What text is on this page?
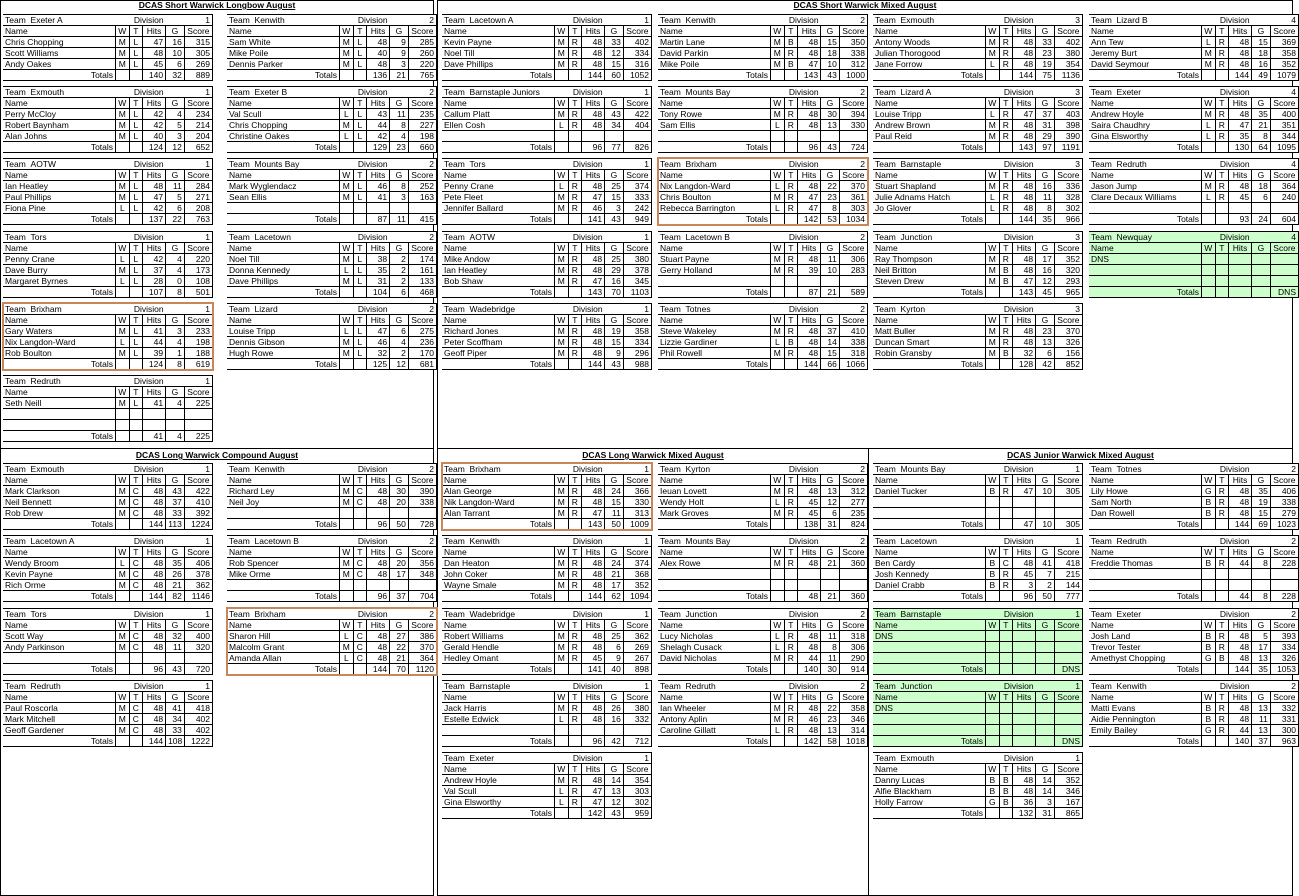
DCAS Short Warwick Longbow August	DCAS Short Warwick Mixed August
DCAS Long Warwick Compound August	DCAS Long Warwick Mixed August	DCAS Junior Warwick Mixed August
Team Exeter A	Division			1	
Name	W	T	Hits	G	Score
Chris Chopping	M	L	47	16	315
Scott Williams	M	L	48	10	305
Andy Oakes	M	L	45	6	269
Totals			140	32	889
Team Kenwith	Division			2	
Name	W	T	Hits	G	Score
Sam White	M	L	48	9	285
Mike Poile	M	L	40	9	260
Dennis Parker	M	L	48	3	220
Totals			136	21	765
Team Exmouth	Division			1	
Name	W	T	Hits	G	Score
Perry McCloy	M	L	42	4	234
Robert Baynham	M	L	42	5	214
Alan Johns	M	L	40	3	204
Totals			124	12	652
Team Exeter B	Division			2	
Name	W	T	Hits	G	Score
Val Scull	L	L	43	11	235
Chris Chopping	M	L	44	8	227
Christine Oakes	L	L	42	4	198
Totals			129	23	660
Team AOTW	Division			1	
Name	W	T	Hits	G	Score
Ian Heatley	M	L	48	11	284
Paul Phillips	M	L	47	5	271
Fiona Pine	L	L	42	6	208
Totals			137	22	763
Team Mounts Bay	Division			2	
Name	W	T	Hits	G	Score
Mark Wyglendacz	M	L	46	8	252
Sean Ellis	M	L	41	3	163

Totals			87	11	415
Team Tors	Division			1	
Name	W	T	Hits	G	Score
Penny Crane	L	L	42	4	220
Dave Burry	M	L	37	4	173
Margaret Byrnes	L	L	28	0	108
Totals			107	8	501
Team Lacetown	Division			2	
Name	W	T	Hits	G	Score
Noel Till	M	L	38	2	174
Donna Kennedy	L	L	35	2	161
Dave Phillips	M	L	31	2	133
Totals			104	6	468
Team Brixham	Division			1	
Name	W	T	Hits	G	Score
Gary Waters	M	L	41	3	233
Nix Langdon-Ward	L	L	44	4	198
Rob Boulton	M	L	39	1	188
Totals			124	8	619
Team Lizard	Division			2	
Name	W	T	Hits	G	Score
Louise Tripp	L	L	47	6	275
Dennis Gibson	M	L	46	4	236
Hugh Rowe	M	L	32	2	170
Totals			125	12	681
Team Redruth	Division			1	
Name	W	T	Hits	G	Score
Seth Neill	M	L	41	4	225

Totals			41	4	225
Team Lacetown A	Division			1	
Name	W	T	Hits	G	Score
Kevin Payne	M	R	48	33	402
Noel Till	M	R	48	12	334
Dave Phillips	M	R	48	15	316
Totals			144	60	1052
Team Kenwith	Division			2	
Name	W	T	Hits	G	Score
Martin Lane	M	B	48	15	350
David Parkin	M	R	48	18	338
Mike Poile	M	B	47	10	312
Totals			143	43	1000
Team Exmouth	Division			3	
Name	W	T	Hits	G	Score
Antony Woods	M	R	48	33	402
Julian Thorogood	M	R	48	23	380
Jane Forrow	L	R	48	19	354
Totals			144	75	1136
Team Lizard B	Division			4	
Name	W	T	Hits	G	Score
Ann Tew	L	R	48	15	369
Jeremy Burt	M	R	48	18	358
David Seymour	M	R	48	16	352
Totals			144	49	1079
Team Barnstaple Juniors	Division			1	
Name	W	T	Hits	G	Score
Callum Platt	M	R	48	43	422
Ellen Cosh	L	R	48	34	404

Totals			96	77	826
Team Mounts Bay	Division			2	
Name	W	T	Hits	G	Score
Tony Rowe	M	R	48	30	394
Sam Ellis	L	R	48	13	330

Totals			96	43	724
Team Lizard A	Division			3	
Name	W	T	Hits	G	Score
Louise Tripp	L	R	47	37	403
Andrew Brown	M	R	48	31	398
Paul Reid	M	R	48	29	390
Totals			143	97	1191
Team Exeter	Division			4	
Name	W	T	Hits	G	Score
Andrew Hoyle	M	R	48	35	400
Saira Chaudhry	L	R	47	21	351
Gina Elsworthy	L	R	35	8	344
Totals			130	64	1095
Team Tors	Division			1	
Name	W	T	Hits	G	Score
Penny Crane	L	R	48	25	374
Pete Fleet	M	R	47	15	333
Jennifer Ballard	M	R	46	3	242
Totals			141	43	949
Team Brixham	Division			2	
Name	W	T	Hits	G	Score
Nix Langdon-Ward	L	R	48	22	370
Chris Boulton	M	R	47	23	361
Rebecca Barrington	L	R	47	8	303
Totals			142	53	1034
Team Barnstaple	Division			3	
Name	W	T	Hits	G	Score
Stuart Shapland	M	R	48	16	336
Julie Adnams Hatch	L	R	48	11	328
Jo Glover	L	R	48	8	302
Totals			144	35	966
Team Redruth	Division			4	
Name	W	T	Hits	G	Score
Jason Jump	M	R	48	18	364
Clare Decaux Williams	L	R	45	6	240

Totals			93	24	604
Team AOTW	Division			1	
Name	W	T	Hits	G	Score
Mike Andow	M	R	48	25	380
Ian Heatley	M	R	48	29	378
Bob Shaw	M	R	47	16	345
Totals			143	70	1103
Team Lacetown B	Division			2	
Name	W	T	Hits	G	Score
Stuart Payne	M	R	48	11	306
Gerry Holland	M	R	39	10	283

Totals			87	21	589
Team Junction	Division			3	
Name	W	T	Hits	G	Score
Ray Thompson	M	R	48	17	352
Neil Britton	M	B	48	16	320
Steven Drew	M	B	47	12	293
Totals			143	45	965
Team Newquay	Division			4	
Name	W	T	Hits	G	Score
DNS					

Totals					DNS
Team Wadebridge	Division			1	
Name	W	T	Hits	G	Score
Richard Jones	M	R	48	19	358
Peter Scoffham	M	R	48	15	334
Geoff Piper	M	R	48	9	296
Totals			144	43	988
Team Totnes	Division			2	
Name	W	T	Hits	G	Score
Steve Wakeley	M	R	48	37	410
Lizzie Gardiner	L	B	48	14	338
Phil Rowell	M	R	48	15	318
Totals			144	66	1066
Team Kyrton	Division			3	
Name	W	T	Hits	G	Score
Matt Buller	M	R	48	23	370
Duncan Smart	M	R	48	13	326
Robin Gransby	M	B	32	6	156
Totals			128	42	852
Team Exmouth	Division			1	
Name	W	T	Hits	G	Score
Mark Clarkson	M	C	48	43	422
Neil Bennett	M	C	48	37	410
Rob Drew	M	C	48	33	392
Totals			144	113	1224
Team Kenwith	Division			2	
Name	W	T	Hits	G	Score
Richard Ley	M	C	48	30	390
Neil Joy	M	C	48	20	338

Totals			96	50	728
Team Lacetown A	Division			1	
Name	W	T	Hits	G	Score
Wendy Broom	L	C	48	35	406
Kevin Payne	M	C	48	26	378
Rich Orme	M	C	48	21	362
Totals			144	82	1146
Team Lacetown B	Division			2	
Name	W	T	Hits	G	Score
Rob Spencer	M	C	48	20	356
Mike Orme	M	C	48	17	348

Totals			96	37	704
Team Tors	Division			1	
Name	W	T	Hits	G	Score
Scott Way	M	C	48	32	400
Andy Parkinson	M	C	48	11	320

Totals			96	43	720
Team Brixham	Division			2	
Name	W	T	Hits	G	Score
Sharon Hill	L	C	48	27	386
Malcolm Grant	M	C	48	22	370
Amanda Allan	L	C	48	21	364
Totals			144	70	1120
Team Redruth	Division			1	
Name	W	T	Hits	G	Score
Paul Roscorla	M	C	48	41	418
Mark Mitchell	M	C	48	34	402
Geoff Gardener	M	C	48	33	402
Totals			144	108	1222
Team Brixham	Division			1	
Name	W	T	Hits	G	Score
Alan George	M	R	48	24	366
Nik Langdon-Ward	M	R	48	15	330
Alan Tarrant	M	R	47	11	313
Totals			143	50	1009
Team Kyrton	Division			2	
Name	W	T	Hits	G	Score
Ieuan Lovett	M	R	48	13	312
Wendy Holt	L	R	45	12	277
Mark Groves	M	R	45	6	235
Totals			138	31	824
Team Kenwith	Division			1	
Name	W	T	Hits	G	Score
Dan Heaton	M	R	48	24	374
John Coker	M	R	48	21	368
Wayne Smale	M	R	48	17	352
Totals			144	62	1094
Team Mounts Bay	Division			2	
Name	W	T	Hits	G	Score
Alex Rowe	M	R	48	21	360

Totals			48	21	360
Team Wadebridge	Division			1	
Name	W	T	Hits	G	Score
Robert Williams	M	R	48	25	362
Gerald Hendle	M	R	48	6	269
Hedley Omant	M	R	45	9	267
Totals			141	40	898
Team Junction	Division			2	
Name	W	T	Hits	G	Score
Lucy Nicholas	L	R	48	11	318
Shelagh Cusack	L	R	48	8	306
David Nicholas	M	R	44	11	290
Totals			140	30	914
Team Barnstaple	Division			1	
Name	W	T	Hits	G	Score
Jack Harris	M	R	48	26	380
Estelle Edwick	L	R	48	16	332

Totals			96	42	712
Team Redruth	Division			2	
Name	W	T	Hits	G	Score
Ian Wheeler	M	R	48	22	358
Antony Aplin	M	R	46	23	346
Caroline Gillatt	L	R	48	13	314
Totals			142	58	1018
Team Exeter	Division			1	
Name	W	T	Hits	G	Score
Andrew Hoyle	M	R	48	14	354
Val Scull	L	R	47	13	303
Gina Elsworthy	L	R	47	12	302
Totals			142	43	959
Team Mounts Bay	Division			1	
Name	W	T	Hits	G	Score
Daniel Tucker	B	R	47	10	305

Totals			47	10	305
Team Totnes	Division			2	
Name	W	T	Hits	G	Score
Lily Howe	G	R	48	35	406
Sam North	B	R	48	19	338
Dan Rowell	B	R	48	15	279
Totals			144	69	1023
Team Lacetown	Division			1	
Name	W	T	Hits	G	Score
Ben Cardy	B	C	48	41	418
Josh Kennedy	B	R	45	7	215
Daniel Crabb	B	R	3	2	144
Totals			96	50	777
Team Redruth	Division			2	
Name	W	T	Hits	G	Score
Freddie Thomas	B	R	44	8	228

Totals			44	8	228
Team Barnstaple	Division			1	
Name	W	T	Hits	G	Score
DNS					

Totals					DNS
Team Exeter	Division			2	
Name	W	T	Hits	G	Score
Josh Land	B	R	48	5	393
Trevor Tester	B	R	48	17	334
Amethyst Chopping	G	B	48	13	326
Totals			144	35	1053
Team Junction	Division			1	
Name	W	T	Hits	G	Score
DNS					

Totals					DNS
Team Kenwith	Division			2	
Name	W	T	Hits	G	Score
Matti Evans	B	R	48	13	332
Aidie Pennington	B	R	48	11	331
Emily Bailey	G	R	44	13	300
Totals			140	37	963
Team Exmouth	Division			1	
Name	W	T	Hits	G	Score
Danny Lucas	B	B	48	14	352
Alfie Blackham	B	B	48	14	346
Holly Farrow	G	B	36	3	167
Totals			132	31	865
